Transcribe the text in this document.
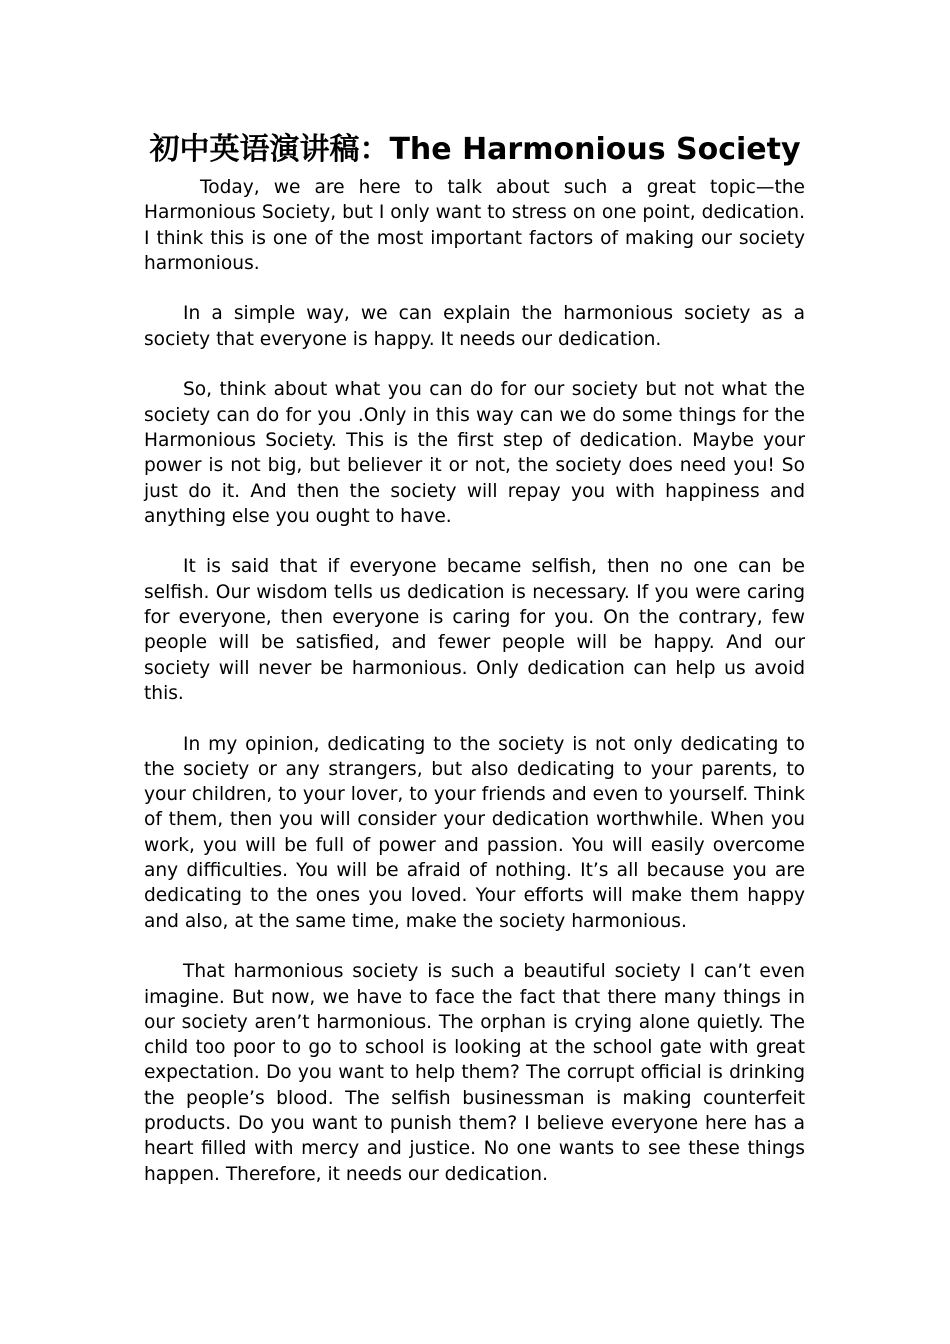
初中英语演讲稿：The Harmonious Society

Today, we are here to talk about such a great topic—the Harmonious Society, but I only want to stress on one point, dedication. I think this is one of the most important factors of making our society harmonious.

In a simple way, we can explain the harmonious society as a society that everyone is happy. It needs our dedication.

So, think about what you can do for our society but not what the society can do for you .Only in this way can we do some things for the Harmonious Society. This is the first step of dedication. Maybe your power is not big, but believer it or not, the society does need you! So just do it. And then the society will repay you with happiness and anything else you ought to have.

It is said that if everyone became selfish, then no one can be selfish. Our wisdom tells us dedication is necessary. If you were caring for everyone, then everyone is caring for you. On the contrary, few people will be satisfied, and fewer people will be happy. And our society will never be harmonious. Only dedication can help us avoid this.

In my opinion, dedicating to the society is not only dedicating to the society or any strangers, but also dedicating to your parents, to your children, to your lover, to your friends and even to yourself. Think of them, then you will consider your dedication worthwhile. When you work, you will be full of power and passion. You will easily overcome any difficulties. You will be afraid of nothing. It’s all because you are dedicating to the ones you loved. Your efforts will make them happy and also, at the same time, make the society harmonious.

That harmonious society is such a beautiful society I can’t even imagine. But now, we have to face the fact that there many things in our society aren’t harmonious. The orphan is crying alone quietly. The child too poor to go to school is looking at the school gate with great expectation. Do you want to help them? The corrupt official is drinking the people’s blood. The selfish businessman is making counterfeit products. Do you want to punish them? I believe everyone here has a heart filled with mercy and justice. No one wants to see these things happen. Therefore, it needs our dedication.
